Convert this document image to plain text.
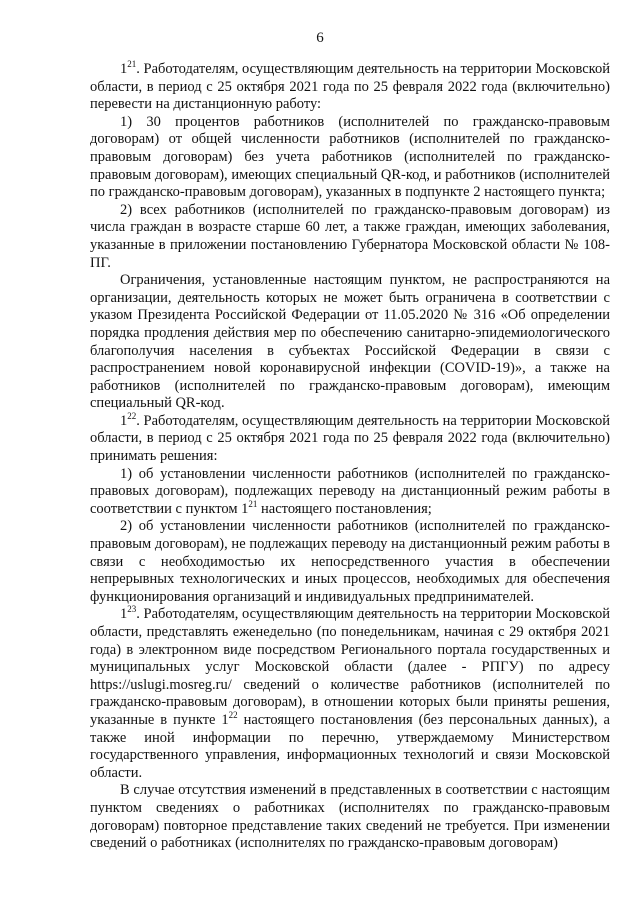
6

$1^{21}$. Работодателям, осуществляющим деятельность на территории Московской области, в период с 25 октября 2021 года по 25 февраля 2022 года (включительно) перевести на дистанционную работу:

1) 30 процентов работников (исполнителей по гражданско-правовым договорам) от общей численности работников (исполнителей по гражданско-правовым договорам) без учета работников (исполнителей по гражданско-правовым договорам), имеющих специальный QR-код, и работников (исполнителей по гражданско-правовым договорам), указанных в подпункте 2 настоящего пункта;

2) всех работников (исполнителей по гражданско-правовым договорам) из числа граждан в возрасте старше 60 лет, а также граждан, имеющих заболевания, указанные в приложении постановлению Губернатора Московской области № 108-ПГ.

Ограничения, установленные настоящим пунктом, не распространяются на организации, деятельность которых не может быть ограничена в соответствии с указом Президента Российской Федерации от 11.05.2020 № 316 «Об определении порядка продления действия мер по обеспечению санитарно-эпидемиологического благополучия населения в субъектах Российской Федерации в связи с распространением новой коронавирусной инфекции (COVID-19)», а также на работников (исполнителей по гражданско-правовым договорам), имеющим специальный QR-код.

$1^{22}$. Работодателям, осуществляющим деятельность на территории Московской области, в период с 25 октября 2021 года по 25 февраля 2022 года (включительно) принимать решения:

1) об установлении численности работников (исполнителей по гражданско-правовых договорам), подлежащих переводу на дистанционный режим работы в соответствии с пунктом $1^{21}$ настоящего постановления;

2) об установлении численности работников (исполнителей по гражданско-правовым договорам), не подлежащих переводу на дистанционный режим работы в связи с необходимостью их непосредственного участия в обеспечении непрерывных технологических и иных процессов, необходимых для обеспечения функционирования организаций и индивидуальных предпринимателей.

$1^{23}$. Работодателям, осуществляющим деятельность на территории Московской области, представлять еженедельно (по понедельникам, начиная с 29 октября 2021 года) в электронном виде посредством Регионального портала государственных и муниципальных услуг Московской области (далее - РПГУ) по адресу https://uslugi.mosreg.ru/ сведений о количестве работников (исполнителей по гражданско-правовым договорам), в отношении которых были приняты решения, указанные в пункте $1^{22}$ настоящего постановления (без персональных данных), а также иной информации по перечню, утверждаемому Министерством государственного управления, информационных технологий и связи Московской области.

В случае отсутствия изменений в представленных в соответствии с настоящим пунктом сведениях о работниках (исполнителях по гражданско-правовым договорам) повторное представление таких сведений не требуется. При изменении сведений о работниках (исполнителях по гражданско-правовым договорам)
